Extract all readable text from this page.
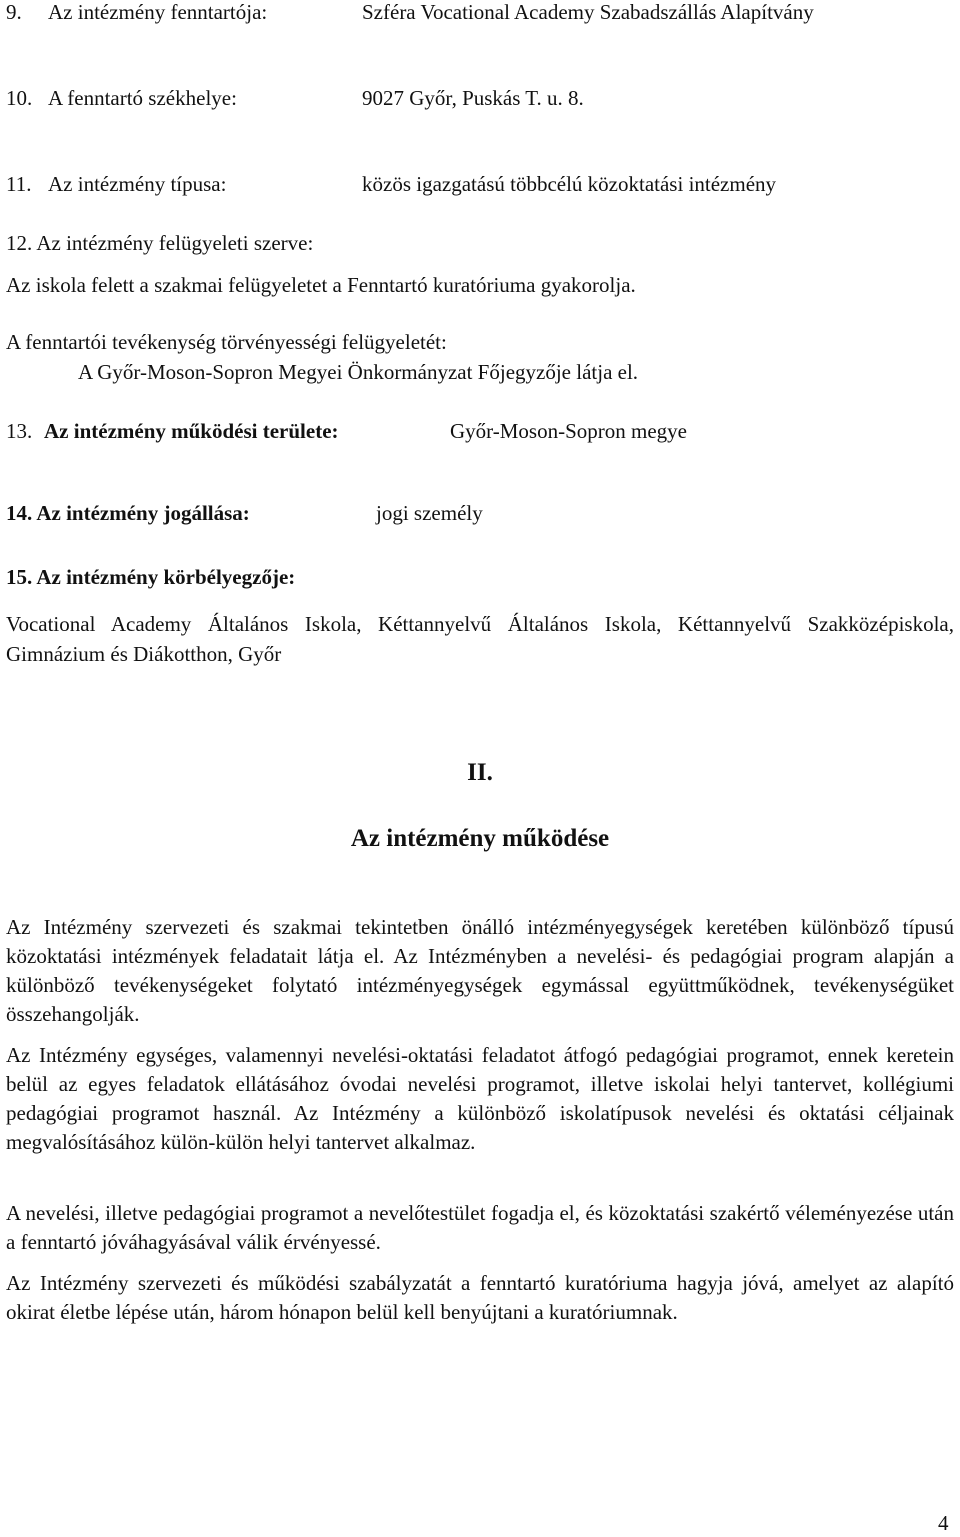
9. Az intézmény fenntartója:	Szféra Vocational Academy Szabadszállás Alapítvány
10. A fenntartó székhelye:	9027 Győr, Puskás T. u. 8.
11. Az intézmény típusa:	közös igazgatású többcélú közoktatási intézmény
12. Az intézmény felügyeleti szerve:
Az iskola felett a szakmai felügyeletet a Fenntartó kuratóriuma gyakorolja.
A fenntartói tevékenység törvényességi felügyeletét:
A Győr-Moson-Sopron Megyei Önkormányzat Főjegyzője látja el.
13. Az intézmény működési területe:	Győr-Moson-Sopron megye
14. Az intézmény jogállása:	jogi személy
15. Az intézmény körbélyegzője:
Vocational Academy Általános Iskola, Kéttannyelvű Általános Iskola, Kéttannyelvű Szakközépiskola, Gimnázium és Diákotthon, Győr
II.
Az intézmény működése
Az Intézmény szervezeti és szakmai tekintetben önálló intézményegységek keretében különböző típusú közoktatási intézmények feladatait látja el. Az Intézményben a nevelési- és pedagógiai program alapján a különböző tevékenységeket folytató intézményegységek egymással együttműködnek, tevékenységüket összehangolják.
Az Intézmény egységes, valamennyi nevelési-oktatási feladatot átfogó pedagógiai programot, ennek keretein belül az egyes feladatok ellátásához óvodai nevelési programot, illetve iskolai helyi tantervet, kollégiumi pedagógiai programot használ. Az Intézmény a különböző iskolatípusok nevelési és oktatási céljainak megvalósításához külön-külön helyi tantervet alkalmaz.
A nevelési, illetve pedagógiai programot a nevelőtestület fogadja el, és közoktatási szakértő véleményezése után a fenntartó jóváhagyásával válik érvényessé.
Az Intézmény szervezeti és működési szabályzatát a fenntartó kuratóriuma hagyja jóvá, amelyet az alapító okirat életbe lépése után, három hónapon belül kell benyújtani a kuratóriumnak.
4
